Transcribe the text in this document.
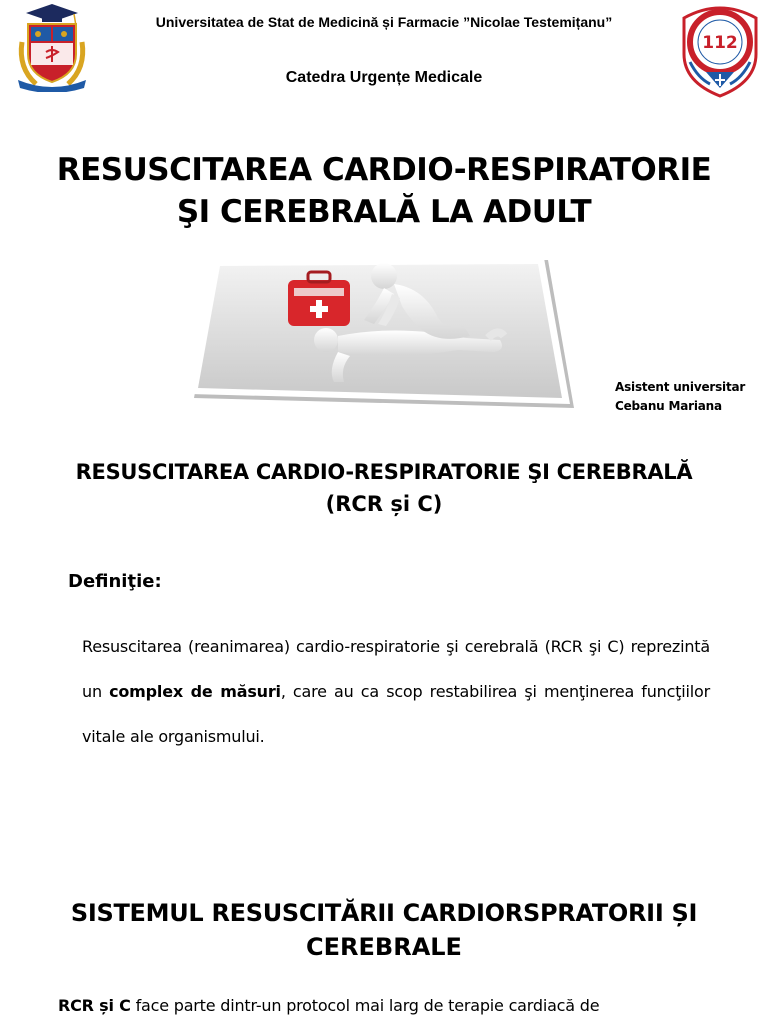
Universitatea de Stat de Medicină și Farmacie ”Nicolae Testemițanu”
Catedra Urgențe Medicale
112
RESUSCITAREA CARDIO-RESPIRATORIE
ŞI CEREBRALĂ LA ADULT
Asistent universitar
Cebanu Mariana
RESUSCITAREA CARDIO-RESPIRATORIE ŞI CEREBRALĂ
(RCR și C)
Definiţie:
Resuscitarea (reanimarea) cardio-respiratorie şi cerebrală (RCR şi C) reprezintă un complex de măsuri, care au ca scop restabilirea şi menţinerea funcţiilor vitale ale organismului.
SISTEMUL RESUSCITĂRII CARDIORSPRATORII ȘI
CEREBRALE
RCR și C face parte dintr-un protocol mai larg de terapie cardiacă de
